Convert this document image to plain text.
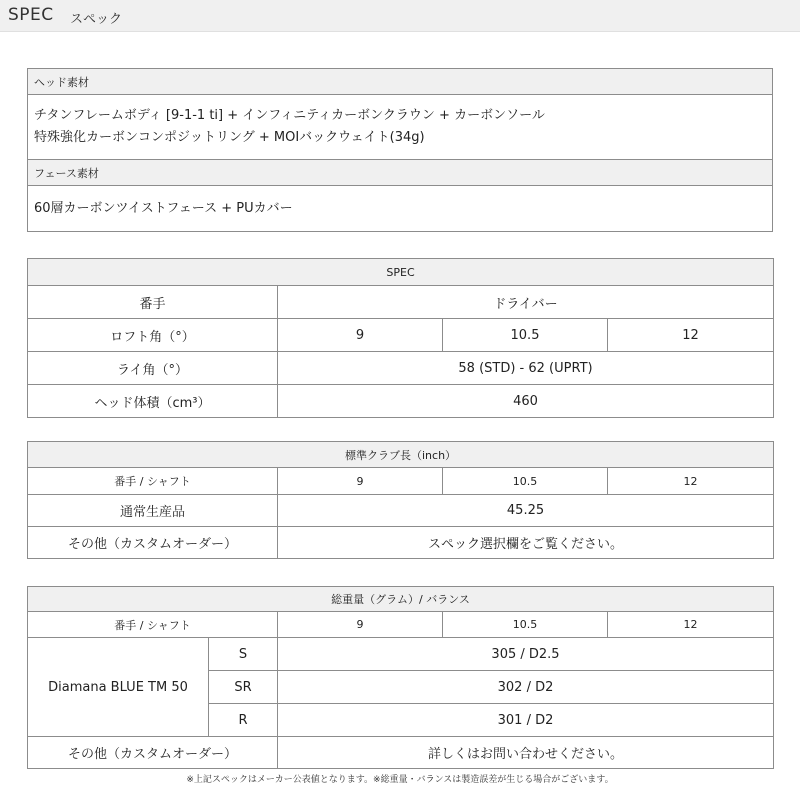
SPEC スペック
ヘッド素材

チタンフレームボディ [9-1-1 ti] + インフィニティカーボンクラウン + カーボンソール
特殊強化カーボンコンポジットリング + MOIバックウェイト(34g)

フェース素材
60層カーボンツイストフェース + PUカバー
SPEC			
番手	ドライバー		
ロフト角（°）	9	10.5	12
ライ角（°）	58 (STD) - 62 (UPRT)		
ヘッド体積（cm³）	460		
標準クラブ長（inch）			
番手 / シャフト	9	10.5	12
通常生産品	45.25		
その他（カスタムオーダー）	スペック選択欄をご覧ください。		
総重量（グラム）/ バランス				
番手 / シャフト		9	10.5	12
Diamana BLUE TM 50	S	305 / D2.5		
	SR	302 / D2		
	R	301 / D2		
その他（カスタムオーダー）		詳しくはお問い合わせください。		
※上記スペックはメーカー公表値となります。※総重量・バランスは製造誤差が生じる場合がございます。
